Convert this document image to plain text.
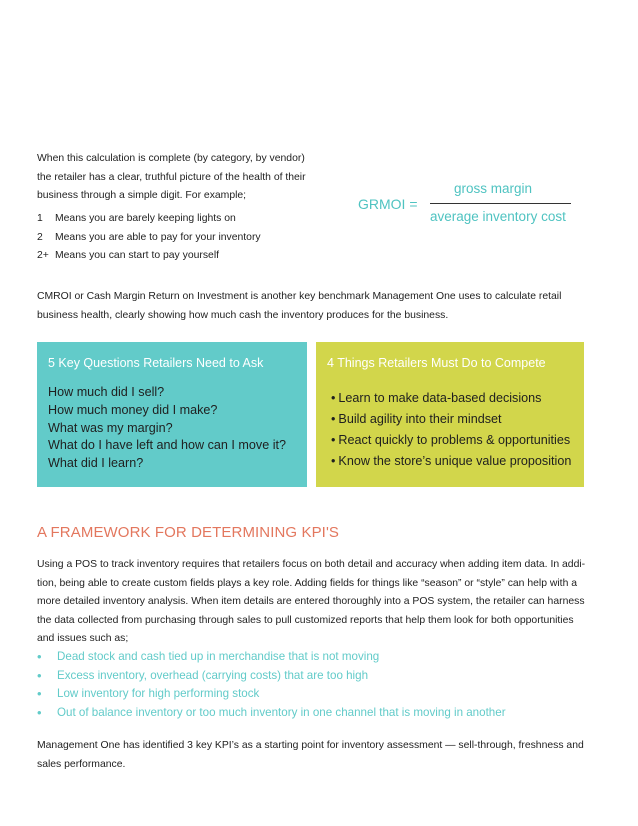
When this calculation is complete (by category, by vendor)

the retailer has a clear, truthful picture of the health of their

business through a simple digit. For example;

1	Means you are barely keeping lights on
2	Means you are able to pay for your inventory
2+ Means you can start to pay yourself
GRMOI =
gross margin
average inventory cost

CMROI or Cash Margin Return on Investment is another key benchmark Management One uses to calculate retail

business health, clearly showing how much cash the inventory produces for the business.

5 Key Questions Retailers Need to Ask
How much did I sell?
How much money did I make?
What was my margin?
What do I have left and how can I move it?
What did I learn?
4 Things Retailers Must Do to Compete
• Learn to make data-based decisions
• Build agility into their mindset
• React quickly to problems & opportunities
• Know the store’s unique value proposition
A FRAMEWORK FOR DETERMINING KPI'S

Using a POS to track inventory requires that retailers focus on both detail and accuracy when adding item data. In addi-

tion, being able to create custom fields plays a key role. Adding fields for things like “season” or “style” can help with a

more detailed inventory analysis. When item details are entered thoroughly into a POS system, the retailer can harness

the data collected from purchasing through sales to pull customized reports that help them look for both opportunities

and issues such as;

•	Dead stock and cash tied up in merchandise that is not moving
•	Excess inventory, overhead (carrying costs) that are too high
•	Low inventory for high performing stock
•	Out of balance inventory or too much inventory in one channel that is moving in another

Management One has identified 3 key KPI’s as a starting point for inventory assessment — sell-through, freshness and

sales performance.
